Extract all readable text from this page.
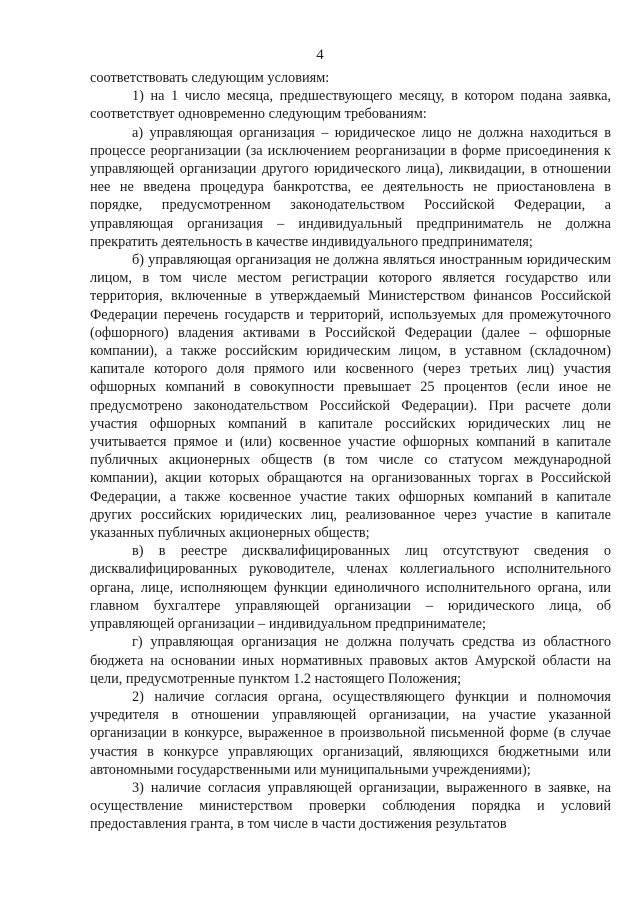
4

соответствовать следующим условиям:

1) на 1 число месяца, предшествующего месяцу, в котором подана заявка, соответствует одновременно следующим требованиям:

а) управляющая организация – юридическое лицо не должна находиться в процессе реорганизации (за исключением реорганизации в форме присоединения к управляющей организации другого юридического лица), ликвидации, в отношении нее не введена процедура банкротства, ее деятельность не приостановлена в порядке, предусмотренном законодательством Российской Федерации, а управляющая организация – индивидуальный предприниматель не должна прекратить деятельность в качестве индивидуального предпринимателя;

б) управляющая организация не должна являться иностранным юридическим лицом, в том числе местом регистрации которого является государство или территория, включенные в утверждаемый Министерством финансов Российской Федерации перечень государств и территорий, используемых для промежуточного (офшорного) владения активами в Российской Федерации (далее – офшорные компании), а также российским юридическим лицом, в уставном (складочном) капитале которого доля прямого или косвенного (через третьих лиц) участия офшорных компаний в совокупности превышает 25 процентов (если иное не предусмотрено законодательством Российской Федерации). При расчете доли участия офшорных компаний в капитале российских юридических лиц не учитывается прямое и (или) косвенное участие офшорных компаний в капитале публичных акционерных обществ (в том числе со статусом международной компании), акции которых обращаются на организованных торгах в Российской Федерации, а также косвенное участие таких офшорных компаний в капитале других российских юридических лиц, реализованное через участие в капитале указанных публичных акционерных обществ;

в) в реестре дисквалифицированных лиц отсутствуют сведения о дисквалифицированных руководителе, членах коллегиального исполнительного органа, лице, исполняющем функции единоличного исполнительного органа, или главном бухгалтере управляющей организации – юридического лица, об управляющей организации – индивидуальном предпринимателе;

г) управляющая организация не должна получать средства из областного бюджета на основании иных нормативных правовых актов Амурской области на цели, предусмотренные пунктом 1.2 настоящего Положения;

2) наличие согласия органа, осуществляющего функции и полномочия учредителя в отношении управляющей организации, на участие указанной организации в конкурсе, выраженное в произвольной письменной форме (в случае участия в конкурсе управляющих организаций, являющихся бюджетными или автономными государственными или муниципальными учреждениями);

3) наличие согласия управляющей организации, выраженного в заявке, на осуществление министерством проверки соблюдения порядка и условий предоставления гранта, в том числе в части достижения результатов
